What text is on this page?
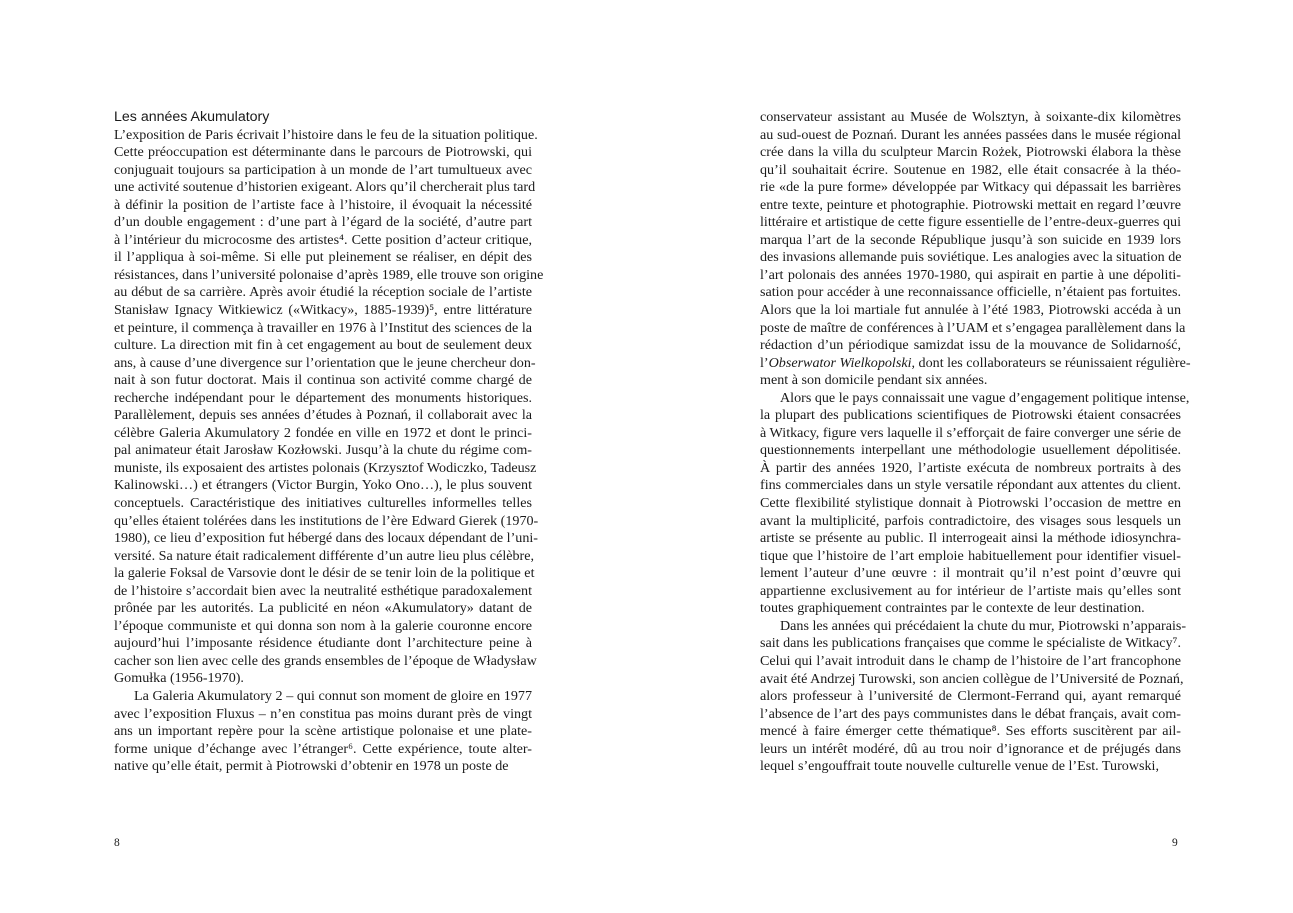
Les années Akumulatory
L’exposition de Paris écrivait l’histoire dans le feu de la situation politique.
Cette préoccupation est déterminante dans le parcours de Piotrowski, qui
conjuguait toujours sa participation à un monde de l’art tumultueux avec
une activité soutenue d’historien exigeant. Alors qu’il chercherait plus tard
à définir la position de l’artiste face à l’histoire, il évoquait la nécessité
d’un double engagement : d’une part à l’égard de la société, d’autre part
à l’intérieur du microcosme des artistes⁴. Cette position d’acteur critique,
il l’appliqua à soi-même. Si elle put pleinement se réaliser, en dépit des
résistances, dans l’université polonaise d’après 1989, elle trouve son origine
au début de sa carrière. Après avoir étudié la réception sociale de l’artiste
Stanisław Ignacy Witkiewicz («Witkacy», 1885-1939)⁵, entre littérature
et peinture, il commença à travailler en 1976 à l’Institut des sciences de la
culture. La direction mit fin à cet engagement au bout de seulement deux
ans, à cause d’une divergence sur l’orientation que le jeune chercheur don-
nait à son futur doctorat. Mais il continua son activité comme chargé de
recherche indépendant pour le département des monuments historiques.
Parallèlement, depuis ses années d’études à Poznań, il collaborait avec la
célèbre Galeria Akumulatory 2 fondée en ville en 1972 et dont le princi-
pal animateur était Jarosław Kozłowski. Jusqu’à la chute du régime com-
muniste, ils exposaient des artistes polonais (Krzysztof Wodiczko, Tadeusz
Kalinowski…) et étrangers (Victor Burgin, Yoko Ono…), le plus souvent
conceptuels. Caractéristique des initiatives culturelles informelles telles
qu’elles étaient tolérées dans les institutions de l’ère Edward Gierek (1970-
1980), ce lieu d’exposition fut hébergé dans des locaux dépendant de l’uni-
versité. Sa nature était radicalement différente d’un autre lieu plus célèbre,
la galerie Foksal de Varsovie dont le désir de se tenir loin de la politique et
de l’histoire s’accordait bien avec la neutralité esthétique paradoxalement
prônée par les autorités. La publicité en néon «Akumulatory» datant de
l’époque communiste et qui donna son nom à la galerie couronne encore
aujourd’hui l’imposante résidence étudiante dont l’architecture peine à
cacher son lien avec celle des grands ensembles de l’époque de Władysław
Gomułka (1956-1970).
La Galeria Akumulatory 2 – qui connut son moment de gloire en 1977
avec l’exposition Fluxus – n’en constitua pas moins durant près de vingt
ans un important repère pour la scène artistique polonaise et une plate-
forme unique d’échange avec l’étranger⁶. Cette expérience, toute alter-
native qu’elle était, permit à Piotrowski d’obtenir en 1978 un poste de
8
conservateur assistant au Musée de Wolsztyn, à soixante-dix kilomètres
au sud-ouest de Poznań. Durant les années passées dans le musée régional
crée dans la villa du sculpteur Marcin Rożek, Piotrowski élabora la thèse
qu’il souhaitait écrire. Soutenue en 1982, elle était consacrée à la théo-
rie «de la pure forme» développée par Witkacy qui dépassait les barrières
entre texte, peinture et photographie. Piotrowski mettait en regard l’œuvre
littéraire et artistique de cette figure essentielle de l’entre-deux-guerres qui
marqua l’art de la seconde République jusqu’à son suicide en 1939 lors
des invasions allemande puis soviétique. Les analogies avec la situation de
l’art polonais des années 1970-1980, qui aspirait en partie à une dépoliti-
sation pour accéder à une reconnaissance officielle, n’étaient pas fortuites.
Alors que la loi martiale fut annulée à l’été 1983, Piotrowski accéda à un
poste de maître de conférences à l’UAM et s’engagea parallèlement dans la
rédaction d’un périodique samizdat issu de la mouvance de Solidarność,
l’Obserwator Wielkopolski, dont les collaborateurs se réunissaient régulière-
ment à son domicile pendant six années.
Alors que le pays connaissait une vague d’engagement politique intense,
la plupart des publications scientifiques de Piotrowski étaient consacrées
à Witkacy, figure vers laquelle il s’efforçait de faire converger une série de
questionnements interpellant une méthodologie usuellement dépolitisée.
À partir des années 1920, l’artiste exécuta de nombreux portraits à des
fins commerciales dans un style versatile répondant aux attentes du client.
Cette flexibilité stylistique donnait à Piotrowski l’occasion de mettre en
avant la multiplicité, parfois contradictoire, des visages sous lesquels un
artiste se présente au public. Il interrogeait ainsi la méthode idiosynchra-
tique que l’histoire de l’art emploie habituellement pour identifier visuel-
lement l’auteur d’une œuvre : il montrait qu’il n’est point d’œuvre qui
appartienne exclusivement au for intérieur de l’artiste mais qu’elles sont
toutes graphiquement contraintes par le contexte de leur destination.
Dans les années qui précédaient la chute du mur, Piotrowski n’apparais-
sait dans les publications françaises que comme le spécialiste de Witkacy⁷.
Celui qui l’avait introduit dans le champ de l’histoire de l’art francophone
avait été Andrzej Turowski, son ancien collègue de l’Université de Poznań,
alors professeur à l’université de Clermont-Ferrand qui, ayant remarqué
l’absence de l’art des pays communistes dans le débat français, avait com-
mencé à faire émerger cette thématique⁸. Ses efforts suscitèrent par ail-
leurs un intérêt modéré, dû au trou noir d’ignorance et de préjugés dans
lequel s’engouffrait toute nouvelle culturelle venue de l’Est. Turowski,
9
